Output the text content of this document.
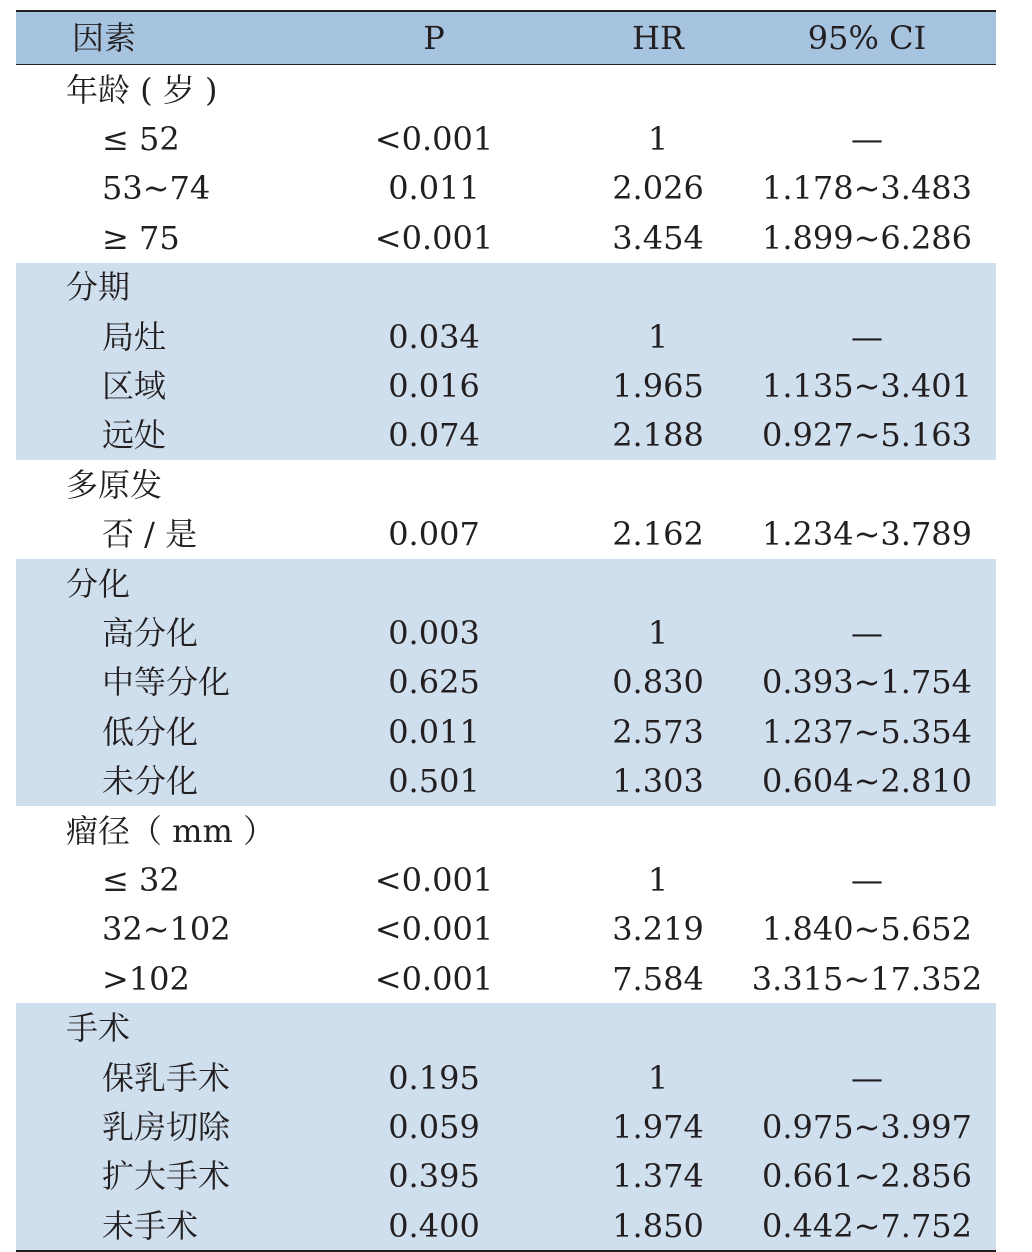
因素	P	HR	95% CI
年龄 ( 岁 )
≤ 52	<0.001	1	—
53~74	0.011	2.026 1.178~3.483
≥ 75	<0.001	3.454 1.899~6.286
分期
局灶	0.034	1	—
区域	0.016	1.965 1.135~3.401
远处	0.074	2.188 0.927~5.163
多原发
否 / 是	0.007	2.162 1.234~3.789
分化
高分化	0.003	1	—
中等分化	0.625	0.830 0.393~1.754
低分化	0.011	2.573 1.237~5.354
未分化	0.501	1.303 0.604~2.810
瘤径（ mm ）
≤ 32	<0.001	1	—
32~102	<0.001	3.219 1.840~5.652
>102	<0.001	7.584 3.315~17.352
手术
保乳手术	0.195	1	—
乳房切除	0.059	1.974 0.975~3.997
扩大手术	0.395	1.374 0.661~2.856
未手术	0.400	1.850 0.442~7.752
